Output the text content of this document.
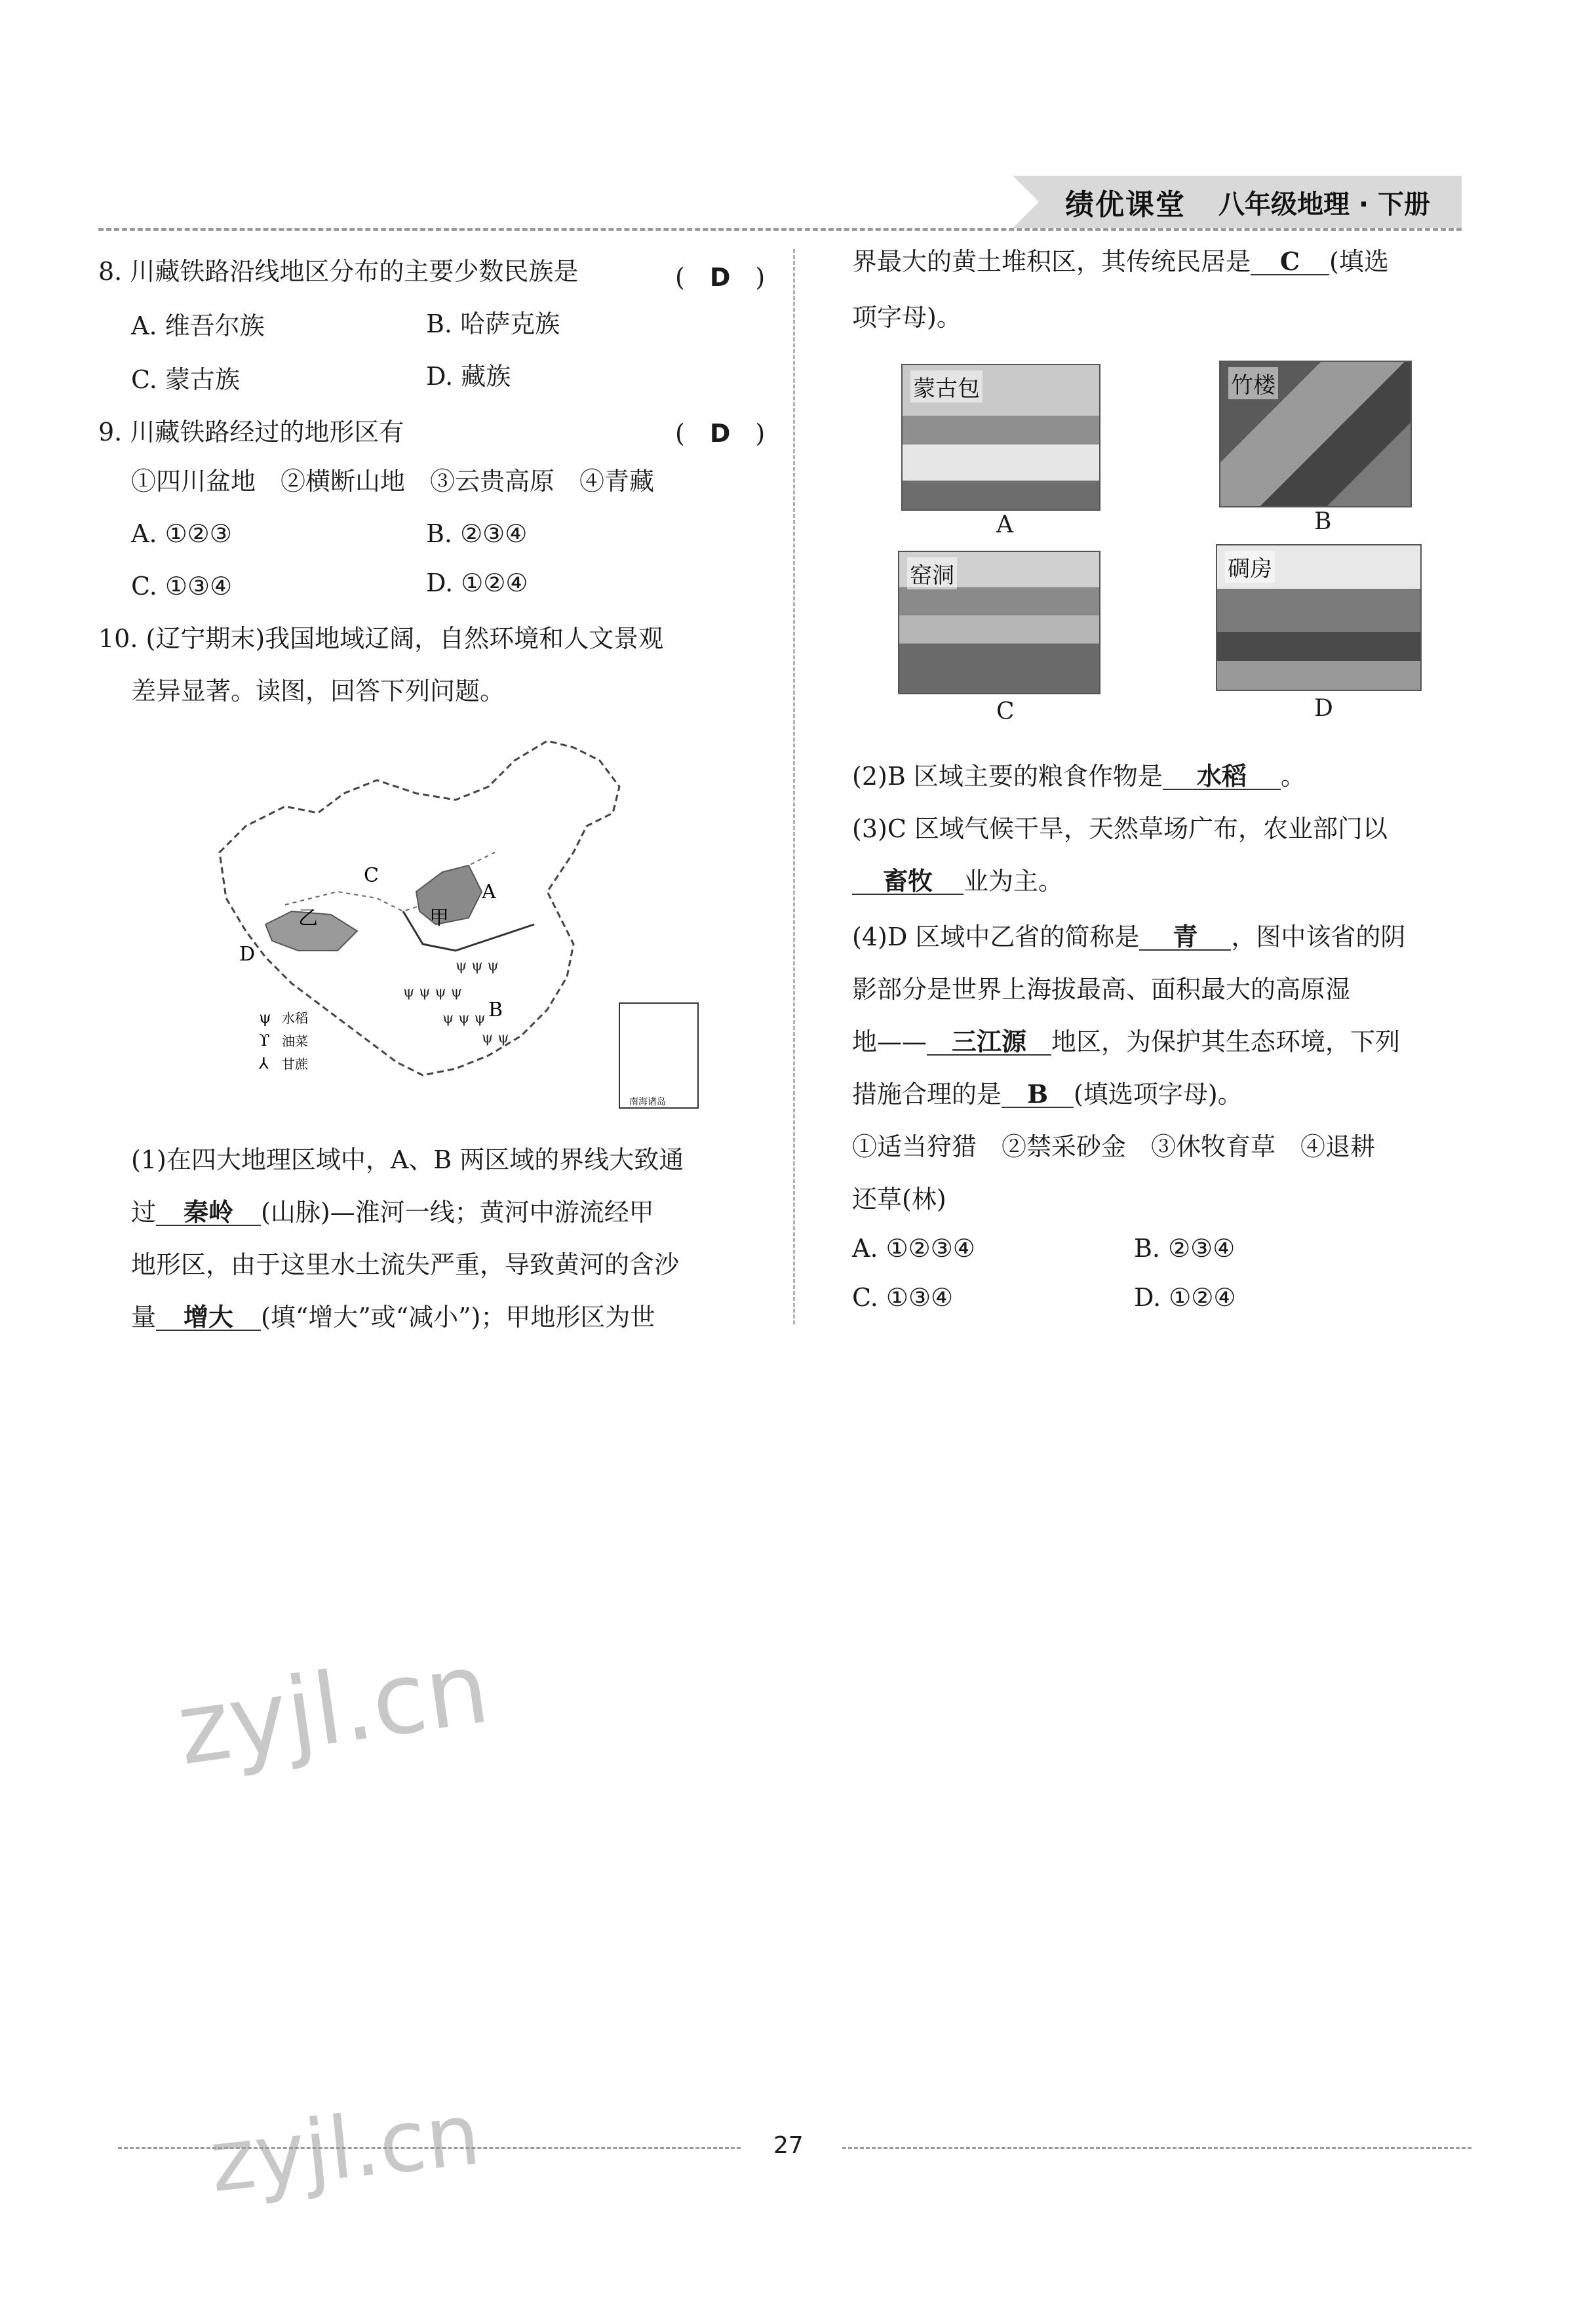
绩优课堂 八年级地理 · 下册
8. 川藏铁路沿线地区分布的主要少数民族是	(　D　)
A. 维吾尔族	B. 哈萨克族
C. 蒙古族	D. 藏族
9. 川藏铁路经过的地形区有	(　D　)
①四川盆地　②横断山地　③云贵高原　④青藏
A. ①②③	B. ②③④
C. ①③④	D. ①②④
10. (辽宁期末)我国地域辽阔，自然环境和人文景观
差异显著。读图，回答下列问题。
乙
C
A
甲
D
B
ψ ψ ψ
ψ ψ ψ ψ
ψ ψ ψ
ψ ψ
ψ 水稻
ϒ 油菜
⅄ 甘蔗
南海诸岛
(1)在四大地理区域中，A、B 两区域的界线大致通
过 秦岭 (山脉)—淮河一线；黄河中游流经甲
地形区，由于这里水土流失严重，导致黄河的含沙
量 增大 (填“增大”或“减小”)；甲地形区为世
界最大的黄土堆积区，其传统民居是 C (填选
项字母)。
蒙古包
A
竹楼
B
窑洞
C
碉房
D
(2)B 区域主要的粮食作物是 水稻 。
(3)C 区域气候干旱，天然草场广布，农业部门以
畜牧 业为主。
(4)D 区域中乙省的简称是 青 ，图中该省的阴
影部分是世界上海拔最高、面积最大的高原湿
地—— 三江源 地区，为保护其生态环境，下列
措施合理的是 B (填选项字母)。
①适当狩猎　②禁采砂金　③休牧育草　④退耕
还草(林)
A. ①②③④	B. ②③④
C. ①③④	D. ①②④
zyjl.cn
zyjl.cn	27
